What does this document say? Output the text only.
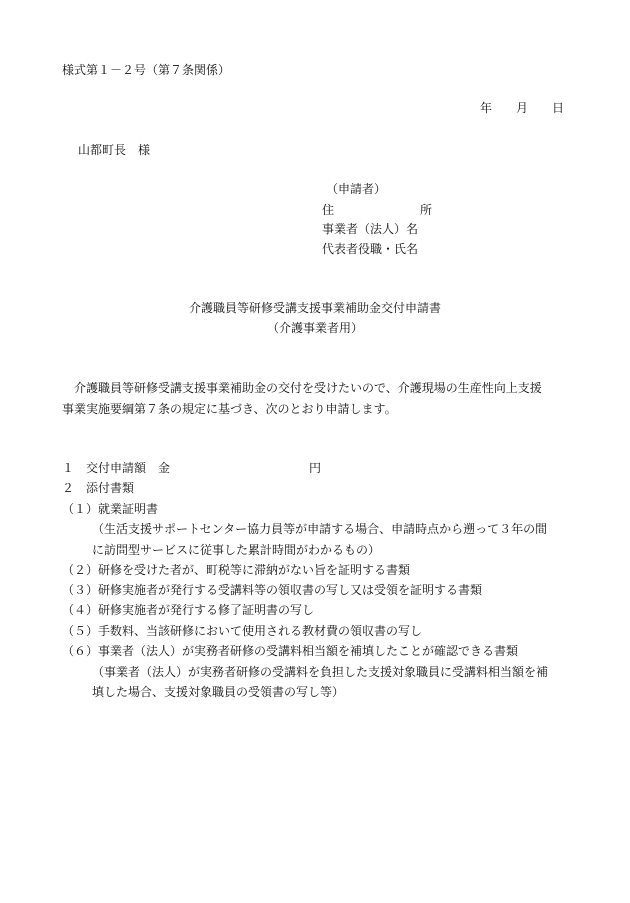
様式第１－２号（第７条関係）
年 月 日
山都町長　様
（申請者）
住	所
事業者（法人）名
代表者役職・氏名
介護職員等研修受講支援事業補助金交付申請書
（介護事業者用）
介護職員等研修受講支援事業補助金の交付を受けたいので、介護現場の生産性向上支援
事業実施要綱第７条の規定に基づき、次のとおり申請します。
１　交付申請額　金	円
２　添付書類
（１）就業証明書
（生活支援サポートセンター協力員等が申請する場合、申請時点から遡って３年の間
に訪問型サービスに従事した累計時間がわかるもの）
（２）研修を受けた者が、町税等に滞納がない旨を証明する書類
（３）研修実施者が発行する受講料等の領収書の写し又は受領を証明する書類
（４）研修実施者が発行する修了証明書の写し
（５）手数料、当該研修において使用される教材費の領収書の写し
（６）事業者（法人）が実務者研修の受講料相当額を補填したことが確認できる書類
（事業者（法人）が実務者研修の受講料を負担した支援対象職員に受講料相当額を補
填した場合、支援対象職員の受領書の写し等）
